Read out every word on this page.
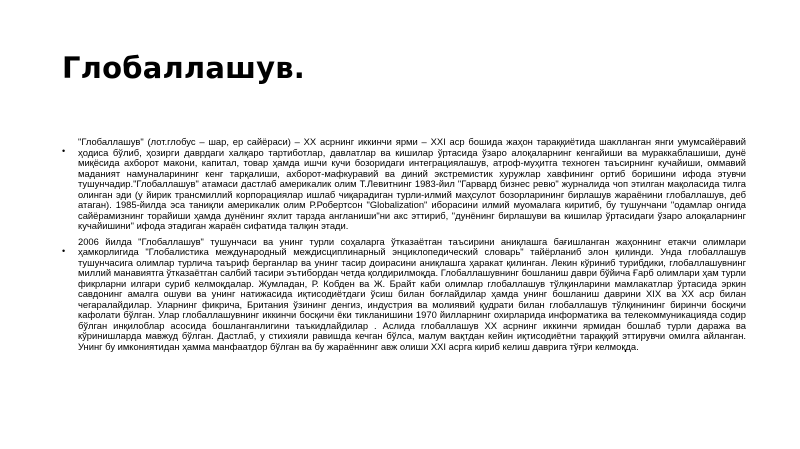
Глобаллашув.
•
"Глобаллашув" (лот.глобус – шар, ер сайёраси) – XX асрнинг иккинчи ярми – XXI аср бошида жаҳон тараққиётида шаклланган янги умумсайёравий ҳодиса бўлиб, ҳозирги даврдаги халқаро тартиботлар, давлатлар ва кишилар ўртасида ўзаро алоқаларнинг кенгайиши ва мураккаблашиши, дунё миқёсида ахборот макони, капитал, товар ҳамда ишчи кучи бозоридаги интеграциялашув, атроф-муҳитга техноген таъсирнинг кучайиши, оммавий маданият намуналарининг кенг тарқалиши, ахборот-мафкуравий ва диний экстремистик хуружлар хавфининг ортиб боришини ифода этувчи тушунчадир."Глобаллашув" атамаси дастлаб америкалик олим Т.Левитнинг 1983-йил "Гарвард бизнес ревю" журналида чоп этилган мақоласида тилга олинган эди (у йирик трансмиллий корпорациялар ишлаб чиқарадиган турли-илмий маҳсулот бозорларининг бирлашув жараёнини глобаллашув, деб атаган). 1985-йилда эса таниқли америкалик олим Р.Робертсон "Globalization" иборасини илмий муомалага киритиб, бу тушунчани "одамлар онгида сайёрамизнинг торайиши ҳамда дунёнинг яхлит тарзда англаниши"ни акс эттириб, "дунёнинг бирлашуви ва кишилар ўртасидаги ўзаро алоқаларнинг кучайишини" ифода этадиган жараён сифатида талқин этади.
•
2006 йилда "Глобаллашув" тушунчаси ва унинг турли соҳаларга ўтказаётган таъсирини аниқлашга бағишланган жаҳоннинг етакчи олимлари ҳамкорлигида "Глобалистика международный междисциплинарный энциклопедический словарь" тайёрланиб элон қилинди. Унда глобаллашув тушунчасига олимлар турлича таъриф берганлар ва унинг тасир доирасини аниқлашга ҳаракат қилинган. Лекин кўриниб турибдики, глобаллашувнинг миллий манавиятга ўтказаётган салбий тасири эътибордан четда қолдирилмоқда. Глобаллашувнинг бошланиш даври бўйича Ғарб олимлари ҳам турли фикрларни илгари суриб келмоқдалар. Жумладан, Р. Кобден ва Ж. Брайт каби олимлар глобаллашув тўлқинларини мамлакатлар ўртасида эркин савдонинг амалга ошуви ва унинг натижасида иқтисодиётдаги ўсиш билан боғлайдилар ҳамда унинг бошланиш даврини XIX ва XX аср билан чегаралайдилар. Уларнинг фикрича, Британия ўзининг денгиз, индустрия ва молиявий қудрати билан глобаллашув тўлқинининг биринчи босқичи кафолати бўлган. Улар глобаллашувнинг иккинчи босқичи ёки тикланишини 1970 йилларнинг охирларида информатика ва телекоммуникацияда содир бўлган инқилоблар асосида бошланганлигини таъкидлайдилар . Аслида глобаллашув XX асрнинг иккинчи ярмидан бошлаб турли даража ва кўринишларда мавжуд бўлган. Дастлаб, у стихияли равишда кечган бўлса, малум вақтдан кейин иқтисодиётни тараққий эттирувчи омилга айланган. Унинг бу имкониятидан ҳамма манфаатдор бўлган ва бу жараённинг авж олиши XXI асрга кириб келиш даврига тўғри келмоқда.
